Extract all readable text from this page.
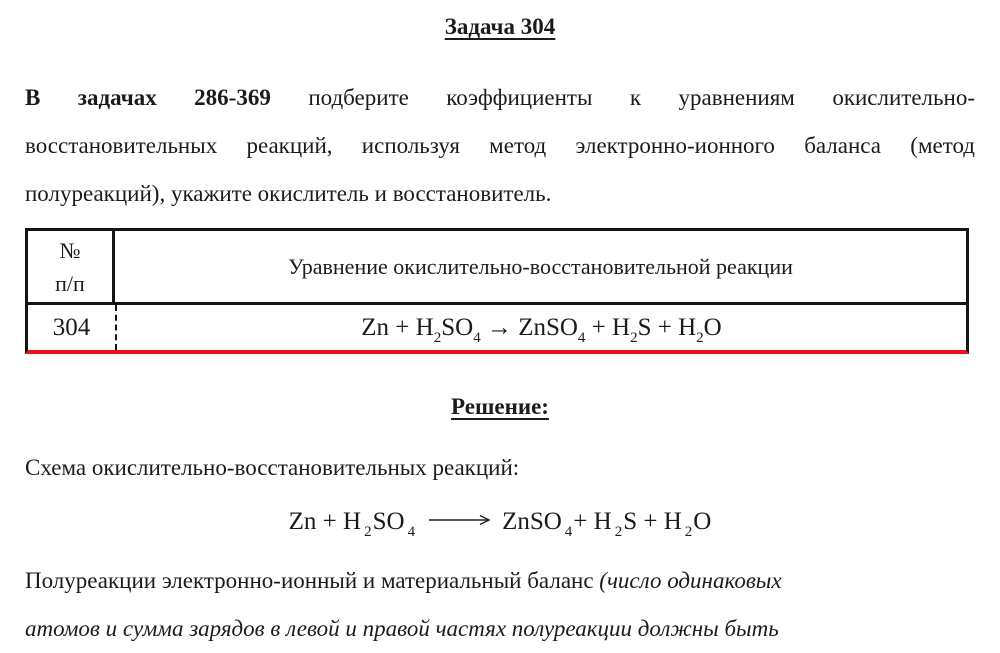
Задача 304
В задачах 286-369 подберите коэффициенты к уравнениям окислительно-
восстановительных реакций, используя метод электронно-ионного баланса (метод
полуреакций), укажите окислитель и восстановитель.
№
п/п
Уравнение окислительно-восстановительной реакции
304	$Zn + H_2SO_4$ → ZnSO$_4$ + $H_2S + H_2O$
Решение:
Схема окислительно-восстановительных реакций:
Zn + H $_2$SO $_4$	ZnSO $_4$+ H $_2$S + H $_2$O
Полуреакции электронно-ионный и материальный баланс (число одинаковых
атомов и сумма зарядов в левой и правой частях полуреакции должны быть
